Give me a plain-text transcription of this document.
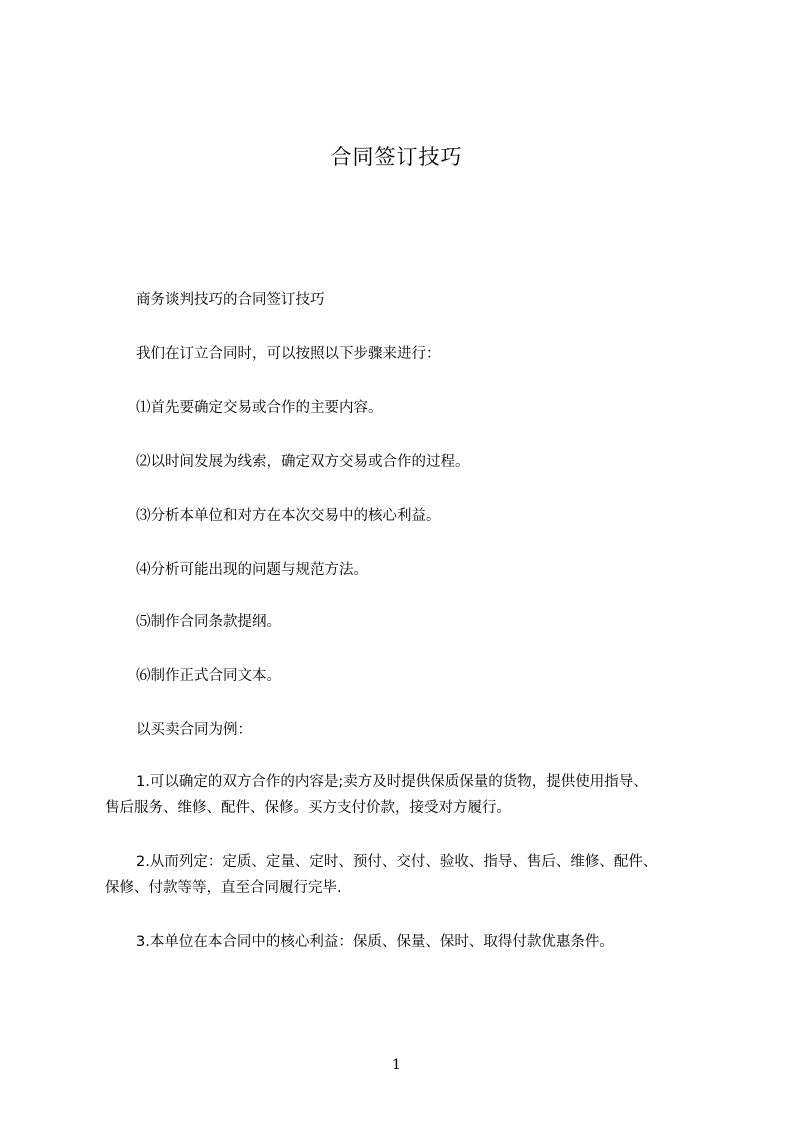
合同签订技巧
商务谈判技巧的合同签订技巧
我们在订立合同时，可以按照以下步骤来进行：
⑴首先要确定交易或合作的主要内容。
⑵以时间发展为线索，确定双方交易或合作的过程。
⑶分析本单位和对方在本次交易中的核心利益。
⑷分析可能出现的问题与规范方法。
⑸制作合同条款提纲。
⑹制作正式合同文本。
以买卖合同为例：
1.可以确定的双方合作的内容是;卖方及时提供保质保量的货物，提供使用指导、
售后服务、维修、配件、保修。买方支付价款，接受对方履行。
2.从而列定：定质、定量、定时、预付、交付、验收、指导、售后、维修、配件、
保修、付款等等，直至合同履行完毕.
3.本单位在本合同中的核心利益：保质、保量、保时、取得付款优惠条件。
1
